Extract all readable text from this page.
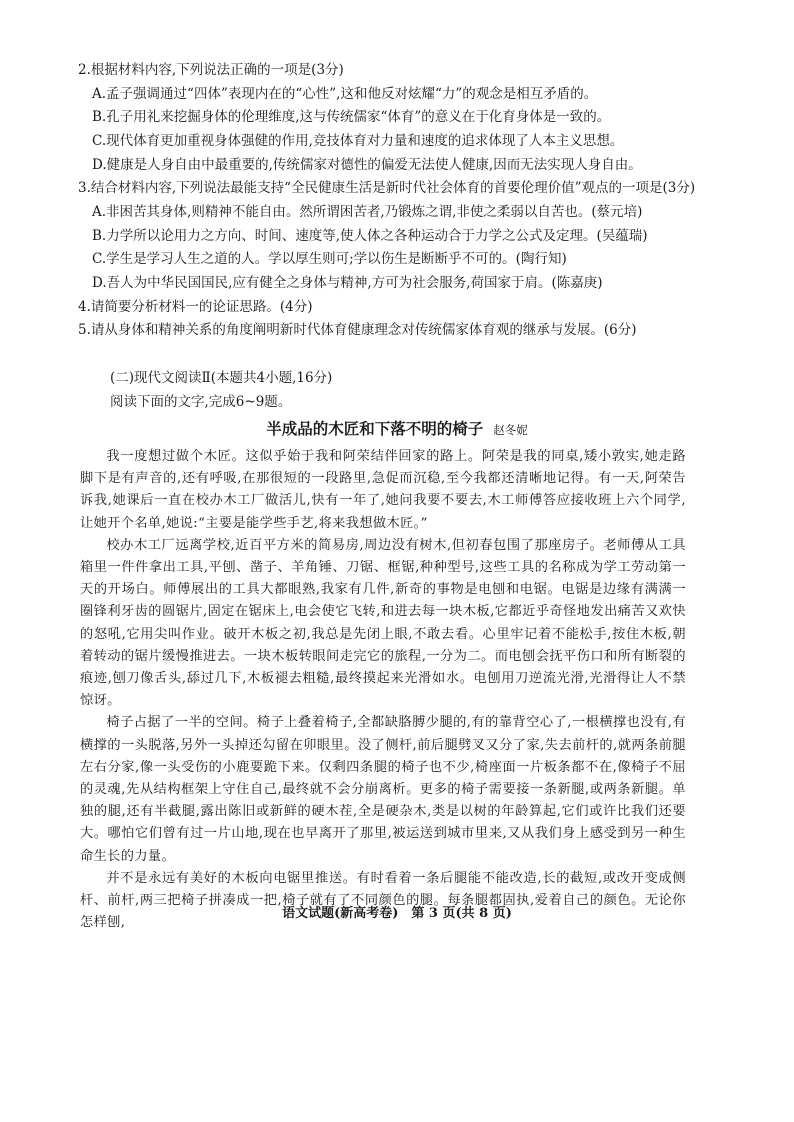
2.根据材料内容,下列说法正确的一项是(3分)
A.孟子强调通过“四体”表现内在的“心性”,这和他反对炫耀“力”的观念是相互矛盾的。
B.孔子用礼来挖掘身体的伦理维度,这与传统儒家“体育”的意义在于化育身体是一致的。
C.现代体育更加重视身体强健的作用,竞技体育对力量和速度的追求体现了人本主义思想。
D.健康是人身自由中最重要的,传统儒家对德性的偏爱无法使人健康,因而无法实现人身自由。
3.结合材料内容,下列说法最能支持“全民健康生活是新时代社会体育的首要伦理价值”观点的一项是(3分)
A.非困苦其身体,则精神不能自由。然所谓困苦者,乃锻炼之谓,非使之柔弱以自苦也。(蔡元培)
B.力学所以论用力之方向、时间、速度等,使人体之各种运动合于力学之公式及定理。(吴蕴瑞)
C.学生是学习人生之道的人。学以厚生则可;学以伤生是断断乎不可的。(陶行知)
D.吾人为中华民国国民,应有健全之身体与精神,方可为社会服务,荷国家于肩。(陈嘉庚)
4.请简要分析材料一的论证思路。(4分)
5.请从身体和精神关系的角度阐明新时代体育健康理念对传统儒家体育观的继承与发展。(6分)
(二)现代文阅读Ⅱ(本题共4小题,16分)
阅读下面的文字,完成6~9题。
半成品的木匠和下落不明的椅子 赵冬妮

我一度想过做个木匠。这似乎始于我和阿荣结伴回家的路上。阿荣是我的同桌,矮小敦实,她走路脚下是有声音的,还有呼吸,在那很短的一段路里,急促而沉稳,至今我都还清晰地记得。有一天,阿荣告诉我,她课后一直在校办木工厂做活儿,快有一年了,她问我要不要去,木工师傅答应接收班上六个同学,让她开个名单,她说:“主要是能学些手艺,将来我想做木匠。”

校办木工厂远离学校,近百平方米的简易房,周边没有树木,但初春包围了那座房子。老师傅从工具箱里一件件拿出工具,平刨、凿子、羊角锤、刀锯、框锯,种种型号,这些工具的名称成为学工劳动第一天的开场白。师傅展出的工具大都眼熟,我家有几件,新奇的事物是电刨和电锯。电锯是边缘有满满一圈锋利牙齿的圆锯片,固定在锯床上,电会使它飞转,和进去每一块木板,它都近乎奇怪地发出痛苦又欢快的怒吼,它用尖叫作业。破开木板之初,我总是先闭上眼,不敢去看。心里牢记着不能松手,按住木板,朝着转动的锯片缓慢推进去。一块木板转眼间走完它的旅程,一分为二。而电刨会抚平伤口和所有断裂的痕迹,刨刀像舌头,舔过几下,木板褪去粗糙,最终摸起来光滑如水。电刨用刀逆流光滑,光滑得让人不禁惊讶。

椅子占据了一半的空间。椅子上叠着椅子,全都缺胳膊少腿的,有的靠背空心了,一根横撑也没有,有横撑的一头脱落,另外一头掉还勾留在卯眼里。没了侧杆,前后腿劈叉又分了家,失去前杆的,就两条前腿左右分家,像一头受伤的小鹿要跪下来。仅剩四条腿的椅子也不少,椅座面一片板条都不在,像椅子不屈的灵魂,先从结构框架上守住自己,最终就不会分崩离析。更多的椅子需要接一条新腿,或两条新腿。单独的腿,还有半截腿,露出陈旧或新鲜的硬木茬,全是硬杂木,类是以树的年龄算起,它们或许比我们还要大。哪怕它们曾有过一片山地,现在也早离开了那里,被运送到城市里来,又从我们身上感受到另一种生命生长的力量。

并不是永远有美好的木板向电锯里推送。有时看着一条后腿能不能改造,长的截短,或改开变成侧杆、前杆,两三把椅子拼凑成一把,椅子就有了不同颜色的腿。每条腿都固执,爱着自己的颜色。无论你怎样刨,

语文试题(新高考卷)　第 3 页(共 8 页)
